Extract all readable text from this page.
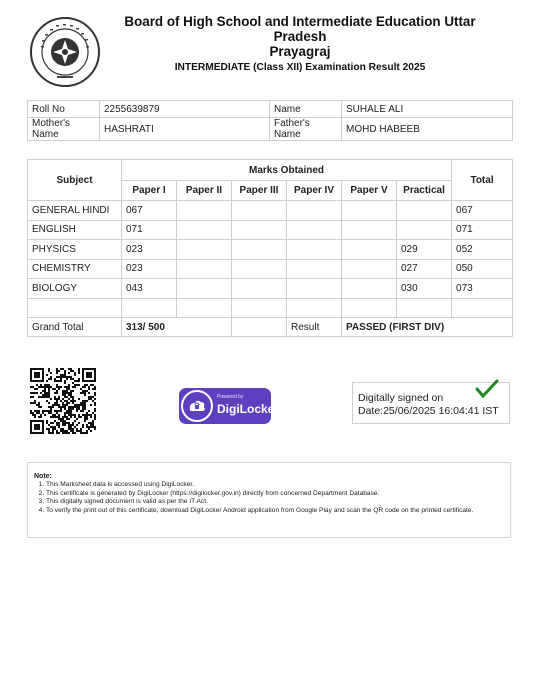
Board of High School and Intermediate Education Uttar Pradesh
Prayagraj
INTERMEDIATE (Class XII) Examination Result 2025
Roll No	2255639879	Name	SUHALE ALI
Mother's Name	HASHRATI	Father's Name	MOHD HABEEB
Subject	Marks Obtained						Total
	Paper I	Paper II	Paper III	Paper IV	Paper V	Practical	
GENERAL HINDI	067						067
ENGLISH	071						071
PHYSICS	023					029	052
CHEMISTRY	023					027	050
BIOLOGY	043					030	073

Grand Total	313/ 500			Result	PASSED (FIRST DIV)		
Powered by
DigiLocker
Digitally signed on
Date:25/06/2025 16:04:41 IST
Note:
1. This Marksheet data is accessed using DigiLocker.
2. This certificate is generated by DigiLocker (https://digilocker.gov.in) directly from concerned Department Database.
3. This digitally signed document is valid as per the IT Act.
4. To verify the print out of this certificate, download DigiLocker Android application from Google Play and scan the QR code on the printed certificate.
